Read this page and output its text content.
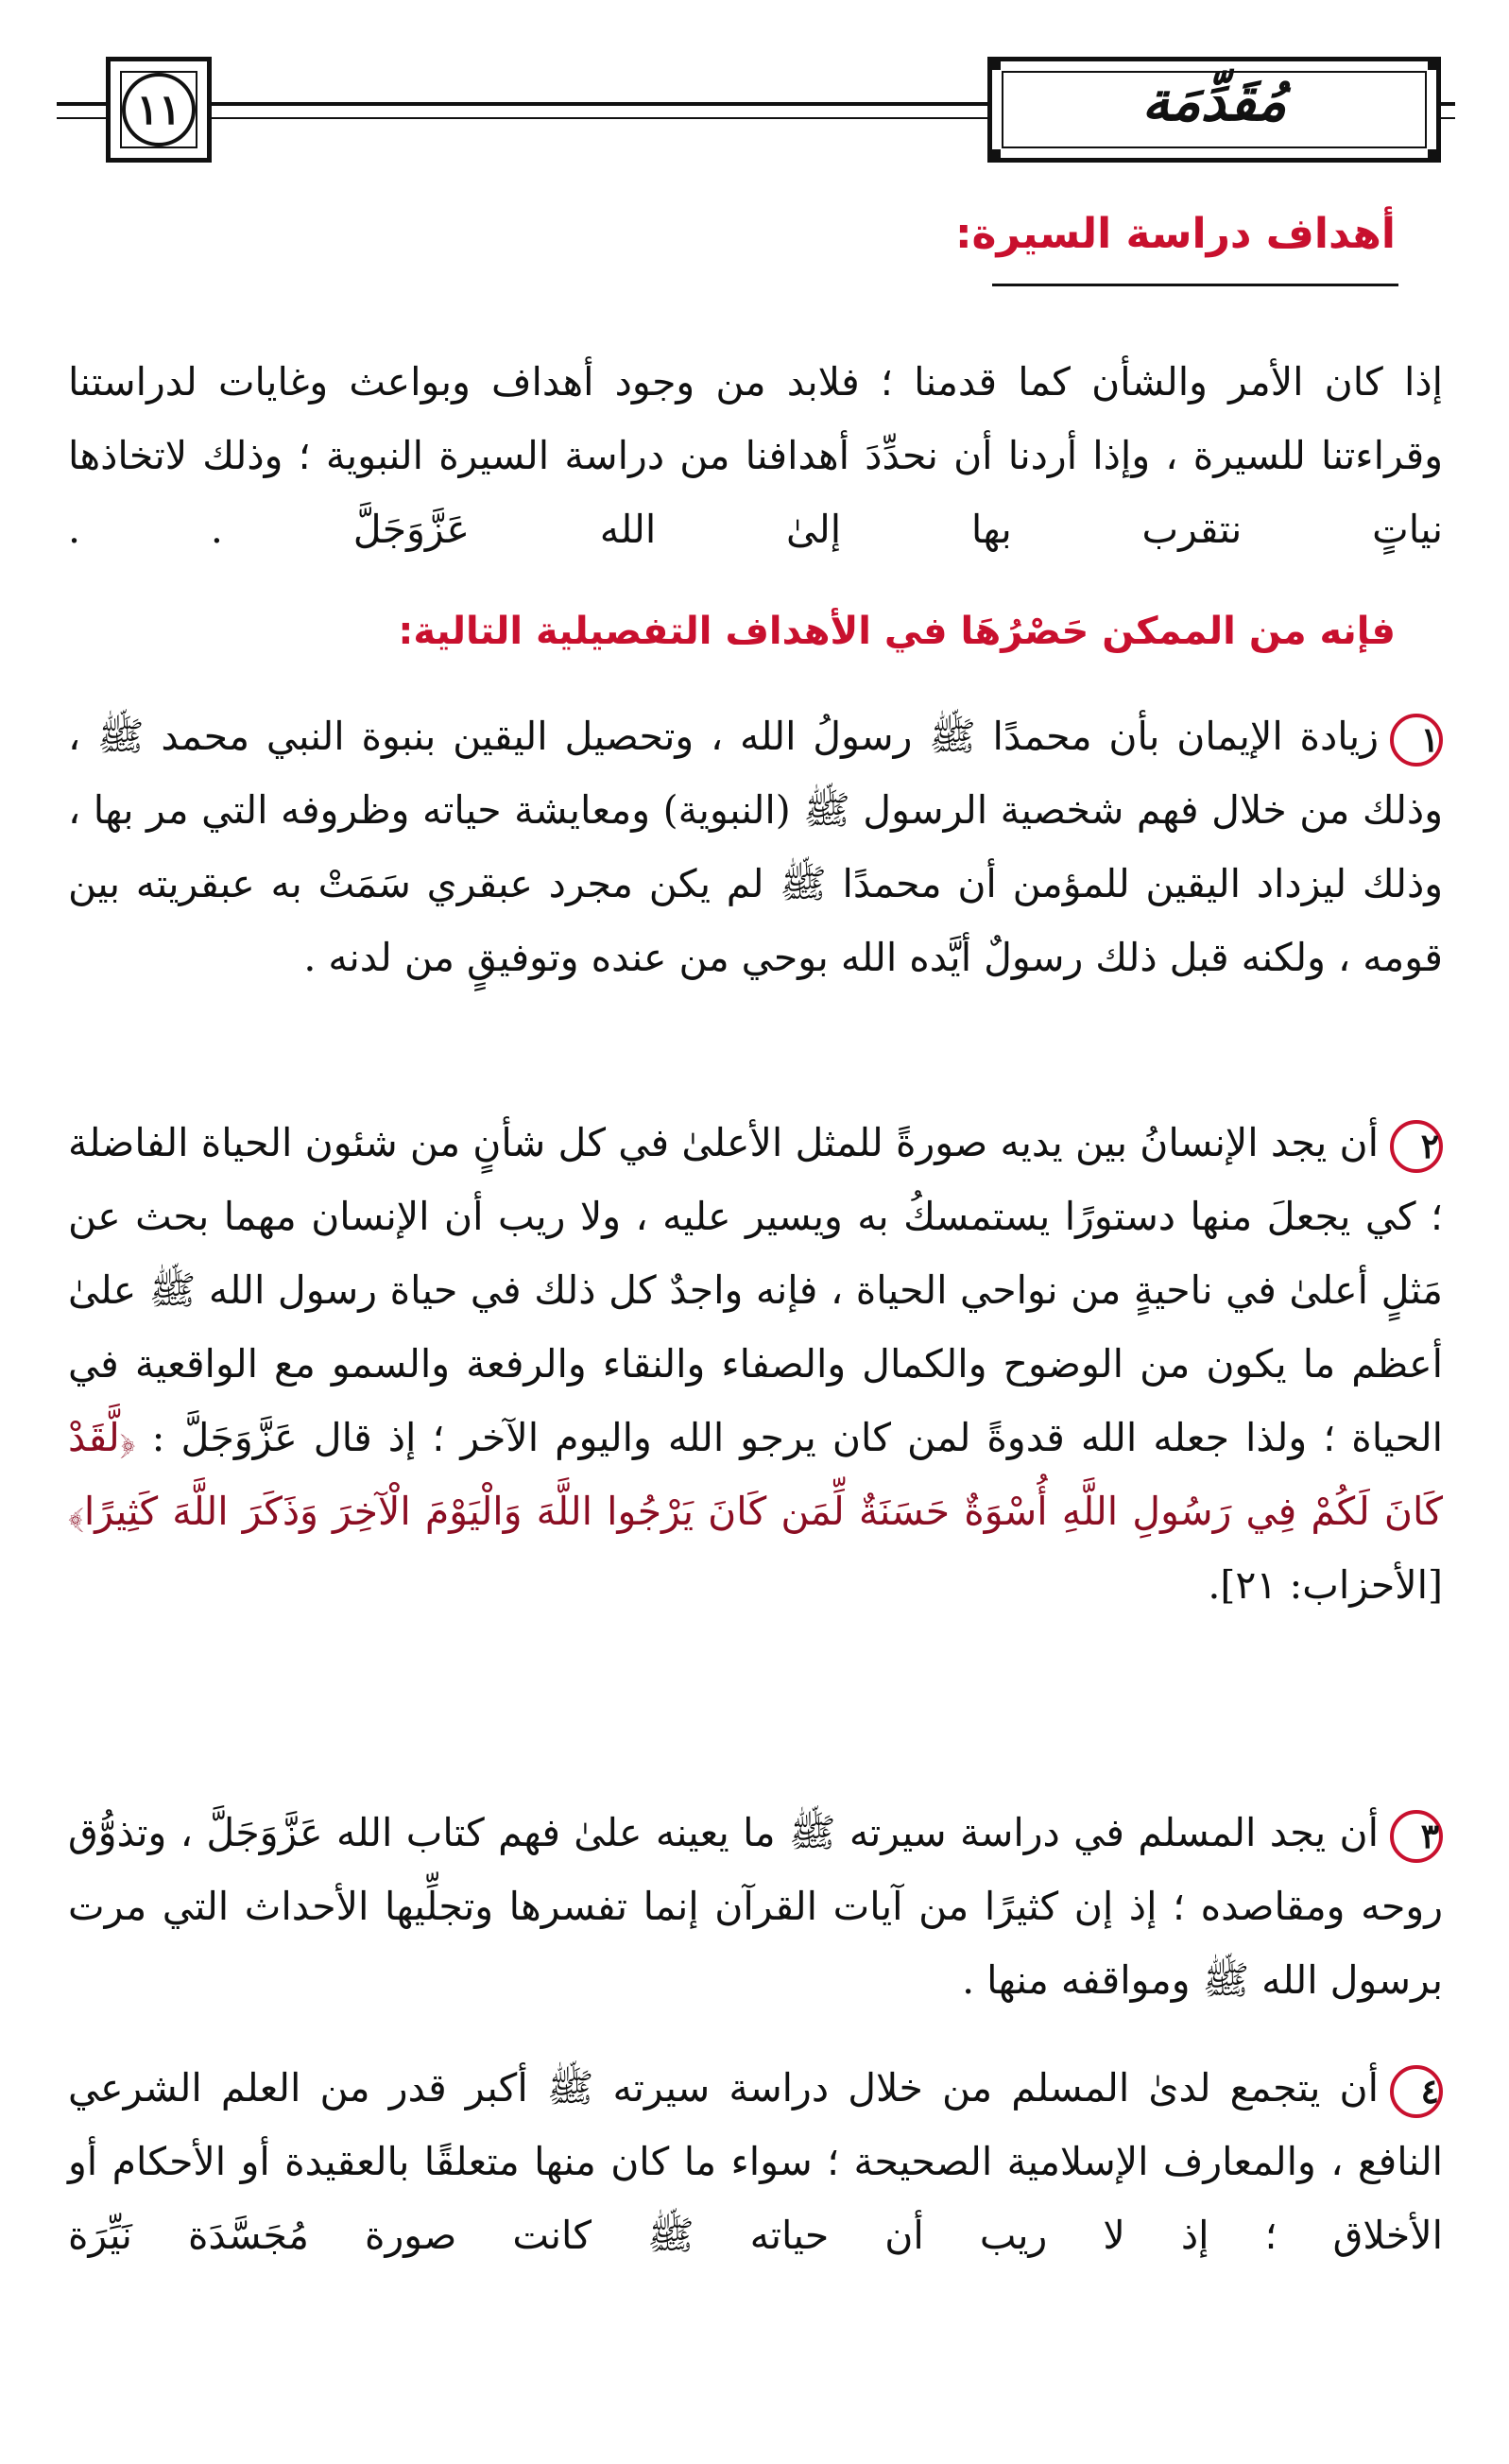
مُقَدِّمَة
١١
أهداف دراسة السيرة:
إذا كان الأمر والشأن كما قدمنا ؛ فلابد من وجود أهداف وبواعث وغايات لدراستنا وقراءتنا للسيرة ، وإذا أردنا أن نحدِّدَ أهدافنا من دراسة السيرة النبوية ؛ وذلك لاتخاذها نياتٍ نتقرب بها إلىٰ الله عَزَّوَجَلَّ . .
فإنه من الممكن حَصْرُهَا في الأهداف التفصيلية التالية:
١زيادة الإيمان بأن محمدًا ﷺ رسولُ الله ، وتحصيل اليقين بنبوة النبي محمد ﷺ ، وذلك من خلال فهم شخصية الرسول ﷺ (النبوية) ومعايشة حياته وظروفه التي مر بها ، وذلك ليزداد اليقين للمؤمن أن محمدًا ﷺ لم يكن مجرد عبقري سَمَتْ به عبقريته بين قومه ، ولكنه قبل ذلك رسولٌ أيَّده الله بوحي من عنده وتوفيقٍ من لدنه .
٢أن يجد الإنسانُ بين يديه صورةً للمثل الأعلىٰ في كل شأنٍ من شئون الحياة الفاضلة ؛ كي يجعلَ منها دستورًا يستمسكُ به ويسير عليه ، ولا ريب أن الإنسان مهما بحث عن مَثلٍ أعلىٰ في ناحيةٍ من نواحي الحياة ، فإنه واجدٌ كل ذلك في حياة رسول الله ﷺ علىٰ أعظم ما يكون من الوضوح والكمال والصفاء والنقاء والرفعة والسمو مع الواقعية في الحياة ؛ ولذا جعله الله قدوةً لمن كان يرجو الله واليوم الآخر ؛ إذ قال عَزَّوَجَلَّ : ﴿لَّقَدْ كَانَ لَكُمْ فِي رَسُولِ اللَّهِ أُسْوَةٌ حَسَنَةٌ لِّمَن كَانَ يَرْجُوا اللَّهَ وَالْيَوْمَ الْآخِرَ وَذَكَرَ اللَّهَ كَثِيرًا﴾ [الأحزاب: ٢١].
٣أن يجد المسلم في دراسة سيرته ﷺ ما يعينه علىٰ فهم كتاب الله عَزَّوَجَلَّ ، وتذوُّق روحه ومقاصده ؛ إذ إن كثيرًا من آيات القرآن إنما تفسرها وتجلِّيها الأحداث التي مرت برسول الله ﷺ ومواقفه منها .
٤أن يتجمع لدىٰ المسلم من خلال دراسة سيرته ﷺ أكبر قدر من العلم الشرعي النافع ، والمعارف الإسلامية الصحيحة ؛ سواء ما كان منها متعلقًا بالعقيدة أو الأحكام أو الأخلاق ؛ إذ لا ريب أن حياته ﷺ كانت صورة مُجَسَّدَة نَيِّرَة
